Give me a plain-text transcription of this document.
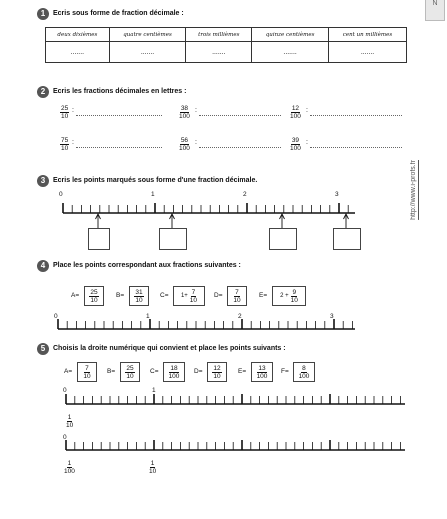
N
http://www.i-profs.fr
1	Ecris sous forme de fraction décimale :
deux dixièmes	quatre centièmes	trois millièmes	quinze centièmes	cent un millièmes
.......	.......	.......	.......	.......
2	Ecris les fractions décimales en lettres :
$\frac{25}{10}$ :	$\frac{38}{100}$ :	$\frac{12}{100}$ :
$\frac{75}{10}$ :	$\frac{56}{100}$ :	$\frac{39}{100}$ :
3	Ecris les points marqués sous forme d'une fraction décimale.
0	1	2	3
4	Place les points correspondant aux fractions suivantes :
$A= \frac{25}{10}$	$B= \frac{31}{10}$	$C= 1+ \frac{7}{10}$	$D= \frac{7}{10}$	$E= 2 + \frac{9}{10}$
0	1	2	3
5	Choisis la droite numérique qui convient et place les points suivants :
$A= \frac{7}{10}$	$B= \frac{25}{10} C= \frac{18}{100} D= \frac{12}{10}$	$E= \frac{13}{100} F= \frac{8}{100}$
0	1
$\frac{1}{10}$
0
$\frac{1}{100}$	$\frac{1}{10}$
